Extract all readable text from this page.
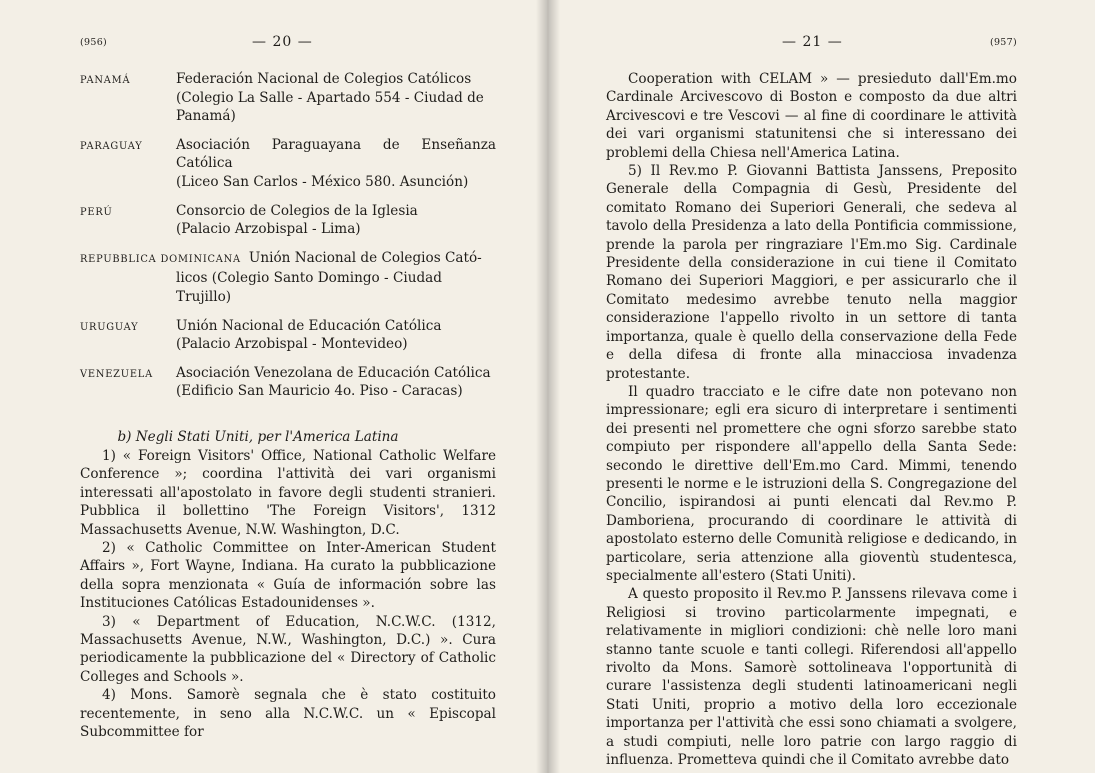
(956)	— 20 —
PANAMÁ	Federación Nacional de Colegios Católicos
(Colegio La Salle - Apartado 554 - Ciudad de
Panamá)
PARAGUAY	Asociación Paraguayana de Enseñanza Católica
(Liceo San Carlos - México 580. Asunción)
PERÚ	Consorcio de Colegios de la Iglesia
(Palacio Arzobispal - Lima)
REPUBBLICA DOMINICANA Unión Nacional de Colegios Cató-
licos (Colegio Santo Domingo - Ciudad Trujillo)
URUGUAY	Unión Nacional de Educación Católica
(Palacio Arzobispal - Montevideo)
VENEZUELA	Asociación Venezolana de Educación Católica
(Edificio San Mauricio 4o. Piso - Caracas)
b) Negli Stati Uniti, per l'America Latina

1) « Foreign Visitors' Office, National Catholic Welfare Conference »; coordina l'attività dei vari organismi interessati all'apostolato in favore degli studenti stranieri. Pubblica il bollettino 'The Foreign Visitors', 1312 Massachusetts Avenue, N.W. Washington, D.C.

2) « Catholic Committee on Inter-American Student Affairs », Fort Wayne, Indiana. Ha curato la pubblicazione della sopra menzionata « Guía de información sobre las Instituciones Católicas Estadounidenses ».

3) « Department of Education, N.C.W.C. (1312, Massachusetts Avenue, N.W., Washington, D.C.) ». Cura periodicamente la pubblicazione del « Directory of Catholic Colleges and Schools ».

4) Mons. Samorè segnala che è stato costituito recentemente, in seno alla N.C.W.C. un « Episcopal Subcommittee for

— 21 —	(957)

Cooperation with CELAM » — presieduto dall'Em.mo Cardinale Arcivescovo di Boston e composto da due altri Arcivescovi e tre Vescovi — al fine di coordinare le attività dei vari organismi statunitensi che si interessano dei problemi della Chiesa nell'America Latina.

5) Il Rev.mo P. Giovanni Battista Janssens, Preposito Generale della Compagnia di Gesù, Presidente del comitato Romano dei Superiori Generali, che sedeva al tavolo della Presidenza a lato della Pontificia commissione, prende la parola per ringraziare l'Em.mo Sig. Cardinale Presidente della considerazione in cui tiene il Comitato Romano dei Superiori Maggiori, e per assicurarlo che il Comitato medesimo avrebbe tenuto nella maggior considerazione l'appello rivolto in un settore di tanta importanza, quale è quello della conservazione della Fede e della difesa di fronte alla minacciosa invadenza protestante.

Il quadro tracciato e le cifre date non potevano non impressionare; egli era sicuro di interpretare i sentimenti dei presenti nel promettere che ogni sforzo sarebbe stato compiuto per rispondere all'appello della Santa Sede: secondo le direttive dell'Em.mo Card. Mimmi, tenendo presenti le norme e le istruzioni della S. Congregazione del Concilio, ispirandosi ai punti elencati dal Rev.mo P. Damboriena, procurando di coordinare le attività di apostolato esterno delle Comunità religiose e dedicando, in particolare, seria attenzione alla gioventù studentesca, specialmente all'estero (Stati Uniti).

A questo proposito il Rev.mo P. Janssens rilevava come i Religiosi si trovino particolarmente impegnati, e relativamente in migliori condizioni: chè nelle loro mani stanno tante scuole e tanti collegi. Riferendosi all'appello rivolto da Mons. Samorè sottolineava l'opportunità di curare l'assistenza degli studenti latinoamericani negli Stati Uniti, proprio a motivo della loro eccezionale importanza per l'attività che essi sono chiamati a svolgere, a studi compiuti, nelle loro patrie con largo raggio di influenza. Prometteva quindi che il Comitato avrebbe dato
